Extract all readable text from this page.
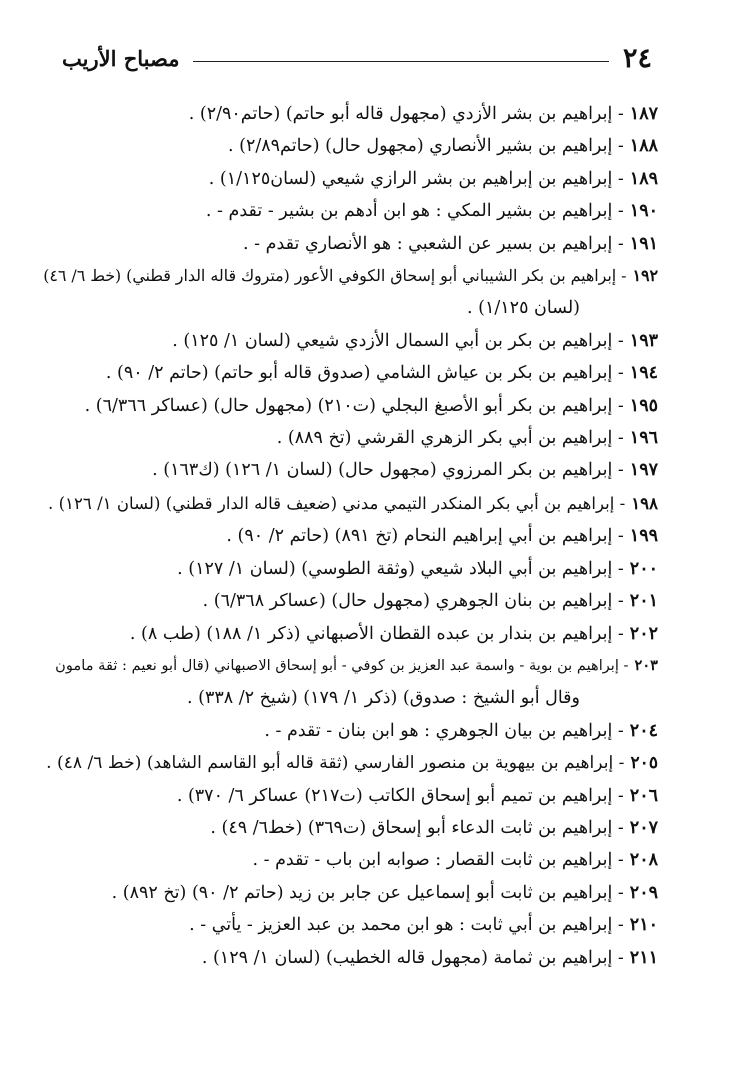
٢٤
مصباح الأريب
١٨٧- إبراهيم بن بشر الأزدي (مجهول قاله أبو حاتم) (حاتم٢/٩٠) .
١٨٨- إبراهيم بن بشير الأنصاري (مجهول حال) (حاتم٢/٨٩) .
١٨٩- إبراهيم بن إبراهيم بن بشر الرازي شيعي (لسان١/١٢٥) .
١٩٠- إبراهيم بن بشير المكي : هو ابن أدهم بن بشير - تقدم - .
١٩١- إبراهيم بن بسير عن الشعبي : هو الأنصاري تقدم - .
١٩٢- إبراهيم بن بكر الشيباني أبو إسحاق الكوفي الأعور (متروك قاله الدار قطني) (خط ٦/ ٤٦)
(لسان ١/١٢٥) .
١٩٣- إبراهيم بن بكر بن أبي السمال الأزدي شيعي (لسان ١/ ١٢٥) .
١٩٤- إبراهيم بن بكر بن عياش الشامي (صدوق قاله أبو حاتم) (حاتم ٢/ ٩٠) .
١٩٥- إبراهيم بن بكر أبو الأصبغ البجلي (ت٢١٠) (مجهول حال) (عساكر ٦/٣٦٦) .
١٩٦- إبراهيم بن أبي بكر الزهري القرشي (تخ ٨٨٩) .
١٩٧- إبراهيم بن بكر المرزوي (مجهول حال) (لسان ١/ ١٢٦) (ك١٦٣) .
١٩٨- إبراهيم بن أبي بكر المنكدر التيمي مدني (ضعيف قاله الدار قطني) (لسان ١/ ١٢٦) .
١٩٩- إبراهيم بن أبي إبراهيم النحام (تخ ٨٩١) (حاتم ٢/ ٩٠) .
٢٠٠- إبراهيم بن أبي البلاد شيعي (وثقة الطوسي) (لسان ١/ ١٢٧) .
٢٠١- إبراهيم بن بنان الجوهري (مجهول حال) (عساكر ٦/٣٦٨) .
٢٠٢- إبراهيم بن بندار بن عبده القطان الأصبهاني (ذكر ١/ ١٨٨) (طب ٨) .
٢٠٣- إبراهيم بن بوية - واسمة عبد العزيز بن كوفي - أبو إسحاق الاصبهاني (قال أبو نعيم : ثقة مامون
وقال أبو الشيخ : صدوق) (ذكر ١/ ١٧٩) (شيخ ٢/ ٣٣٨) .
٢٠٤- إبراهيم بن بيان الجوهري : هو ابن بنان - تقدم - .
٢٠٥- إبراهيم بن بيهوية بن منصور الفارسي (ثقة قاله أبو القاسم الشاهد) (خط ٦/ ٤٨) .
٢٠٦- إبراهيم بن تميم أبو إسحاق الكاتب (ت٢١٧) عساكر ٦/ ٣٧٠) .
٢٠٧- إبراهيم بن ثابت الدعاء أبو إسحاق (ت٣٦٩) (خط٦/ ٤٩) .
٢٠٨- إبراهيم بن ثابت القصار : صوابه ابن باب - تقدم - .
٢٠٩- إبراهيم بن ثابت أبو إسماعيل عن جابر بن زيد (حاتم ٢/ ٩٠) (تخ ٨٩٢) .
٢١٠- إبراهيم بن أبي ثابت : هو ابن محمد بن عبد العزيز - يأتي - .
٢١١- إبراهيم بن ثمامة (مجهول قاله الخطيب) (لسان ١/ ١٢٩) .
